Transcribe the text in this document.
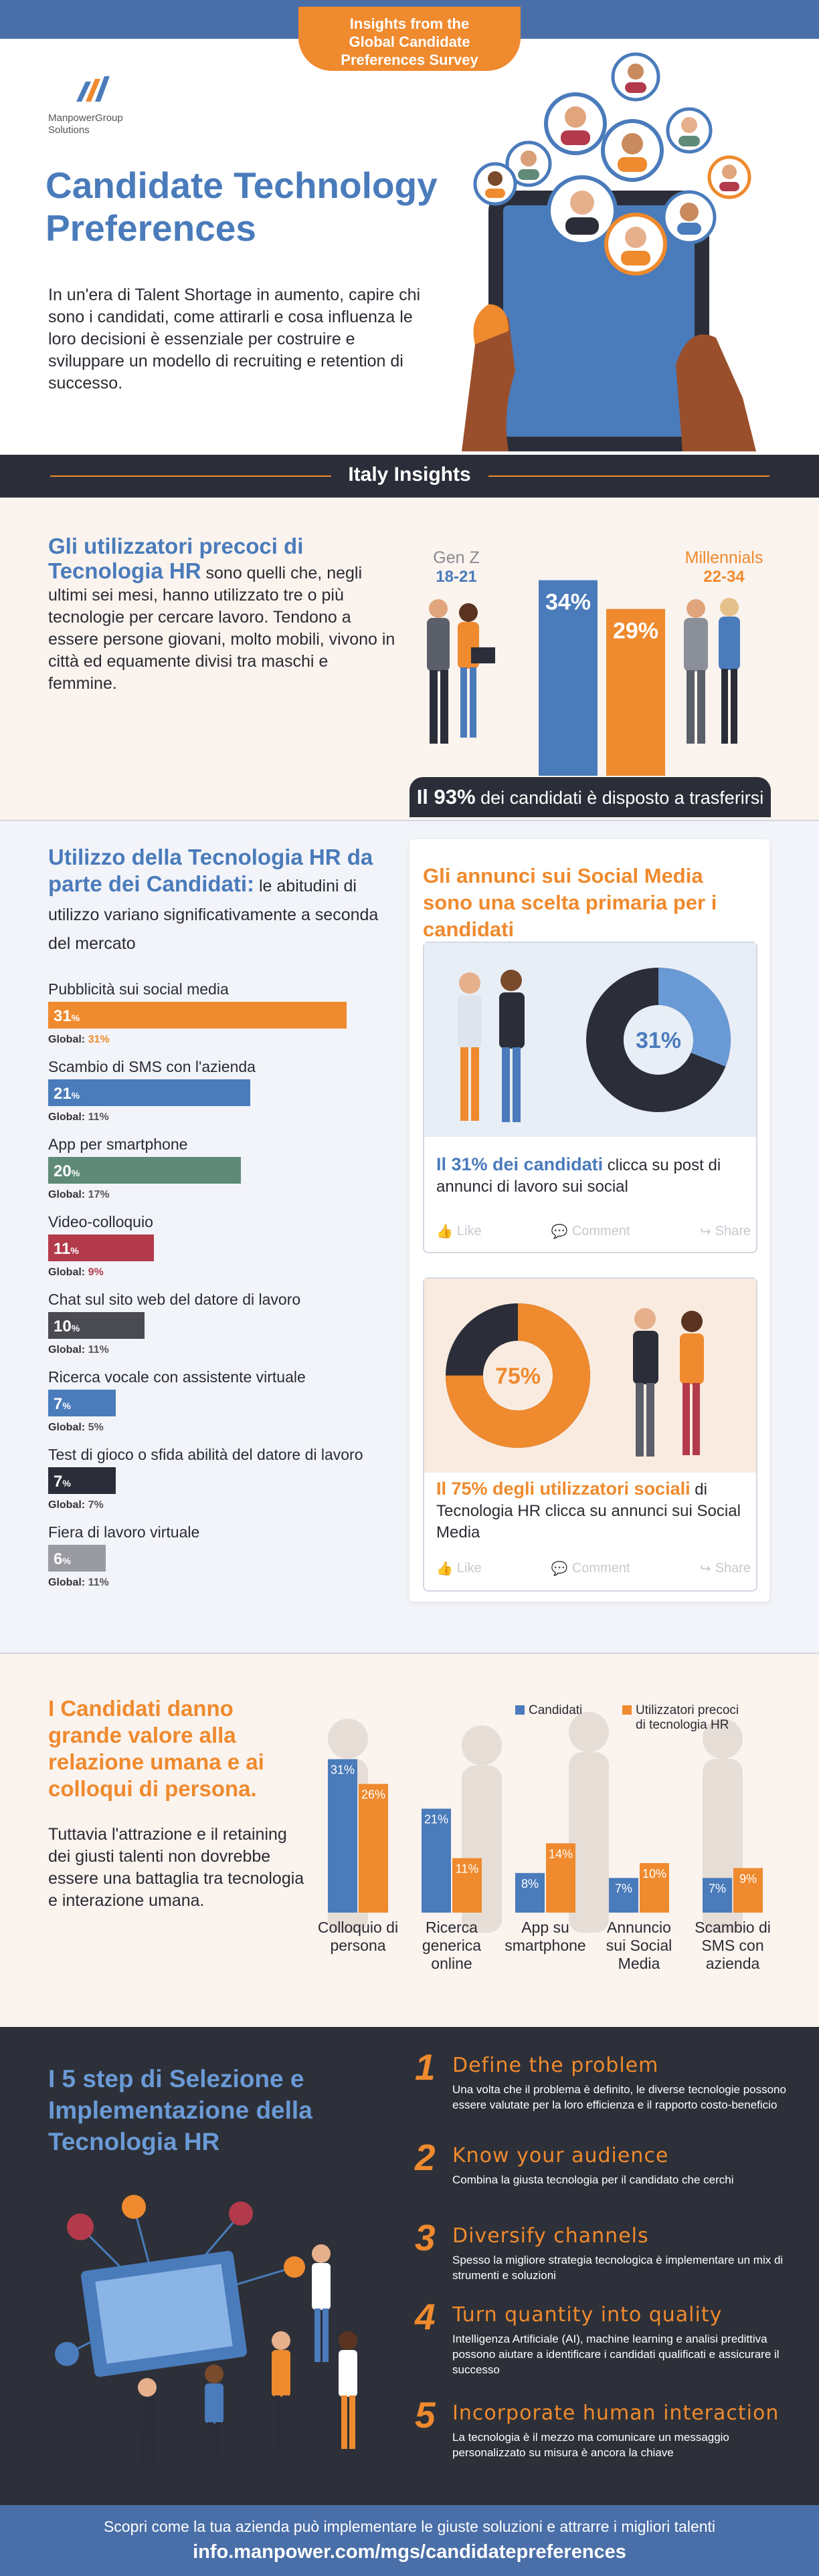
Insights from the
Global Candidate
Preferences Survey
ManpowerGroup
Solutions
Candidate Technology
Preferences
In un'era di Talent Shortage in aumento, capire chi sono i candidati, come attirarli e cosa influenza le loro decisioni è essenziale per costruire e sviluppare un modello di recruiting e retention di successo.
Italy Insights
Gli utilizzatori precoci di Tecnologia HR sono quelli che, negli ultimi sei mesi, hanno utilizzato tre o più tecnologie per cercare lavoro. Tendono a essere persone giovani, molto mobili, vivono in città ed equamente divisi tra maschi e femmine.
Gen Z
18-21
34%
29%
Millennials
22-34
Il 93% dei candidati è disposto a trasferirsi
Utilizzo della Tecnologia HR da parte dei Candidati: le abitudini di utilizzo variano significativamente a seconda del mercato
Pubblicità sui social media
31%
Global: 31%
Scambio di SMS con l'azienda
21%
Global: 11%
App per smartphone
20%
Global: 17%
Video-colloquio
11%
Global: 9%
Chat sul sito web del datore di lavoro
10%
Global: 11%
Ricerca vocale con assistente virtuale
7%
Global: 5%
Test di gioco o sfida abilità del datore di lavoro
7%
Global: 7%
Fiera di lavoro virtuale
6%
Global: 11%
Gli annunci sui Social Media sono una scelta primaria per i candidati
31%
Il 31% dei candidati clicca su post di annunci di lavoro sui social
👍 Like	💬 Comment	↪ Share
75%
Il 75% degli utilizzatori sociali di Tecnologia HR clicca su annunci sui Social Media
👍 Like	💬 Comment	↪ Share
I Candidati danno grande valore alla relazione umana e ai colloqui di persona.
Tuttavia l'attrazione e il retaining dei giusti talenti non dovrebbe essere una battaglia tra tecnologia e interazione umana.
31%
26%
Colloquio di
persona
21%
11%
Ricerca
generica
online
8%
14%
App su
smartphone
7%
10%
Annuncio
sui Social
Media
7%
9%
Scambio di
SMS con
azienda
Candidati	Utilizzatori precoci
di tecnologia HR
I 5 step di Selezione e Implementazione della Tecnologia HR
1 Define the problem
Una volta che il problema è definito, le diverse tecnologie possono essere valutate per la loro efficienza e il rapporto costo-beneficio
2 Know your audience
Combina la giusta tecnologia per il candidato che cerchi
3 Diversify channels
Spesso la migliore strategia tecnologica è implementare un mix di strumenti e soluzioni
4 Turn quantity into quality
Intelligenza Artificiale (AI), machine learning e analisi predittiva possono aiutare a identificare i candidati qualificati e assicurare il successo
5 Incorporate human interaction
La tecnologia è il mezzo ma comunicare un messaggio personalizzato su misura è ancora la chiave
Scopri come la tua azienda può implementare le giuste soluzioni e attrarre i migliori talenti
info.manpower.com/mgs/candidatepreferences
